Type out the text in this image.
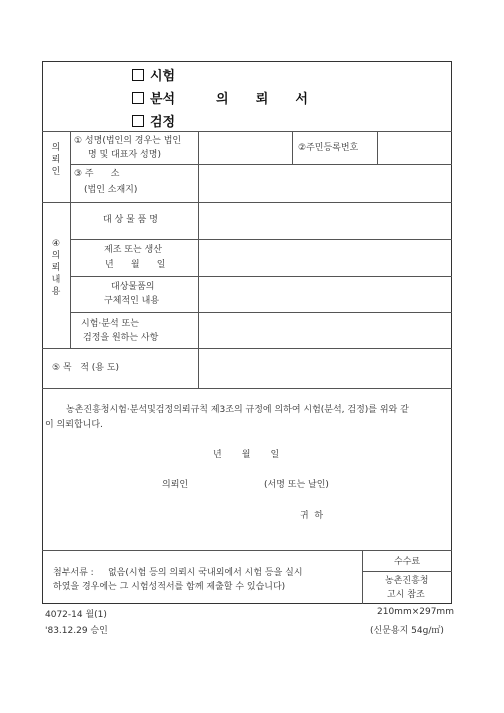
시험
분석
검정
의      뢰      서
의뢰인
① 성명(법인의 경우는 법인
명 및 대표자 성명)
②주민등록번호
③ 주      소
(법인 소재지)
④ 의 뢰 내 용
대 상 물 품 명
제조 또는 생산
년      월      일
대상물품의
구체적인 내용
시험·분석 또는
검정을 원하는 사항
⑤ 목   적 (용 도)
농촌진흥청시험·분석및검정의뢰규칙 제3조의 규정에 의하여 시험(분석, 검정)를 위와 같
이 의뢰합니다.
년       월       일
의뢰인	(서명 또는 날인)
귀  하
첨부서류 :     없음(시험 등의 의뢰시 국내외에서 시험 등을 실시
하였을 경우에는 그 시험성적서를 함께 제출할 수 있습니다)
수수료
농촌진흥청
고시 참조
4072-14 월(1)
'83.12.29 승인
210mm×297mm
(신문용지 54g/㎡)
